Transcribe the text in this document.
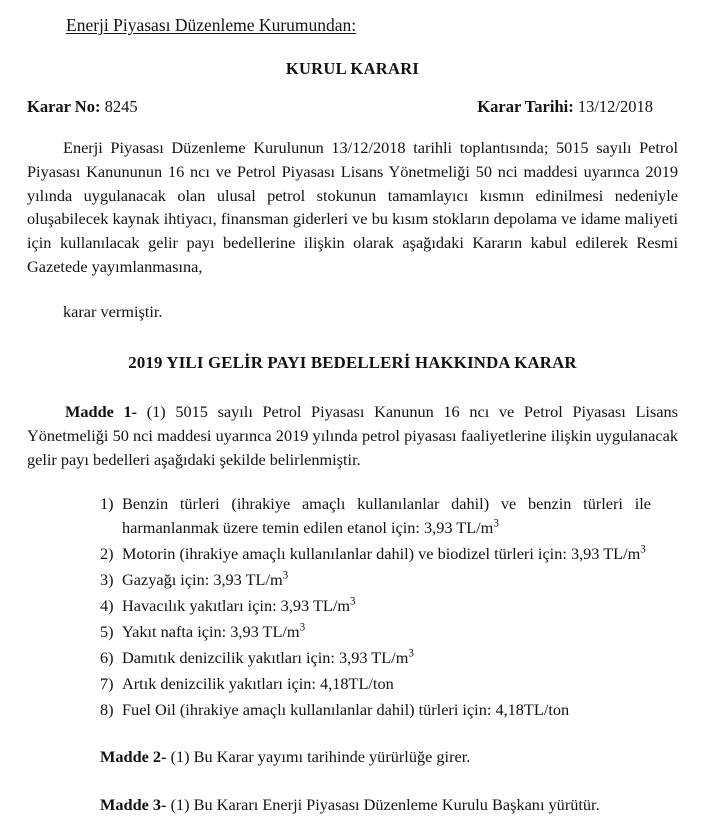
Enerji Piyasası Düzenleme Kurumundan:

KURUL KARARI
Karar No: 8245	Karar Tarihi: 13/12/2018

Enerji Piyasası Düzenleme Kurulunun 13/12/2018 tarihli toplantısında; 5015 sayılı Petrol Piyasası Kanununun 16 ncı ve Petrol Piyasası Lisans Yönetmeliği 50 nci maddesi uyarınca 2019 yılında uygulanacak olan ulusal petrol stokunun tamamlayıcı kısmın edinilmesi nedeniyle oluşabilecek kaynak ihtiyacı, finansman giderleri ve bu kısım stokların depolama ve idame maliyeti için kullanılacak gelir payı bedellerine ilişkin olarak aşağıdaki Kararın kabul edilerek Resmi Gazetede yayımlanmasına,

karar vermiştir.

2019 YILI GELİR PAYI BEDELLERİ HAKKINDA KARAR

Madde 1- (1) 5015 sayılı Petrol Piyasası Kanunun 16 ncı ve Petrol Piyasası Lisans Yönetmeliği 50 nci maddesi uyarınca 2019 yılında petrol piyasası faaliyetlerine ilişkin uygulanacak gelir payı bedelleri aşağıdaki şekilde belirlenmiştir.

1) Benzin türleri (ihrakiye amaçlı kullanılanlar dahil) ve benzin türleri ile harmanlanmak üzere temin edilen etanol için: 3,93 $TL/m^3$
2) Motorin (ihrakiye amaçlı kullanılanlar dahil) ve biodizel türleri için: 3,93 $TL/m^3$
3) Gazyağı için: 3,93 $TL/m^3$
4) Havacılık yakıtları için: 3,93 $TL/m^3$
5) Yakıt nafta için: 3,93 $TL/m^3$
6) Damıtık denizcilik yakıtları için: 3,93 $TL/m^3$
7) Artık denizcilik yakıtları için: 4,18TL/ton
8) Fuel Oil (ihrakiye amaçlı kullanılanlar dahil) türleri için: 4,18TL/ton

Madde 2- (1) Bu Karar yayımı tarihinde yürürlüğe girer.

Madde 3- (1) Bu Kararı Enerji Piyasası Düzenleme Kurulu Başkanı yürütür.
